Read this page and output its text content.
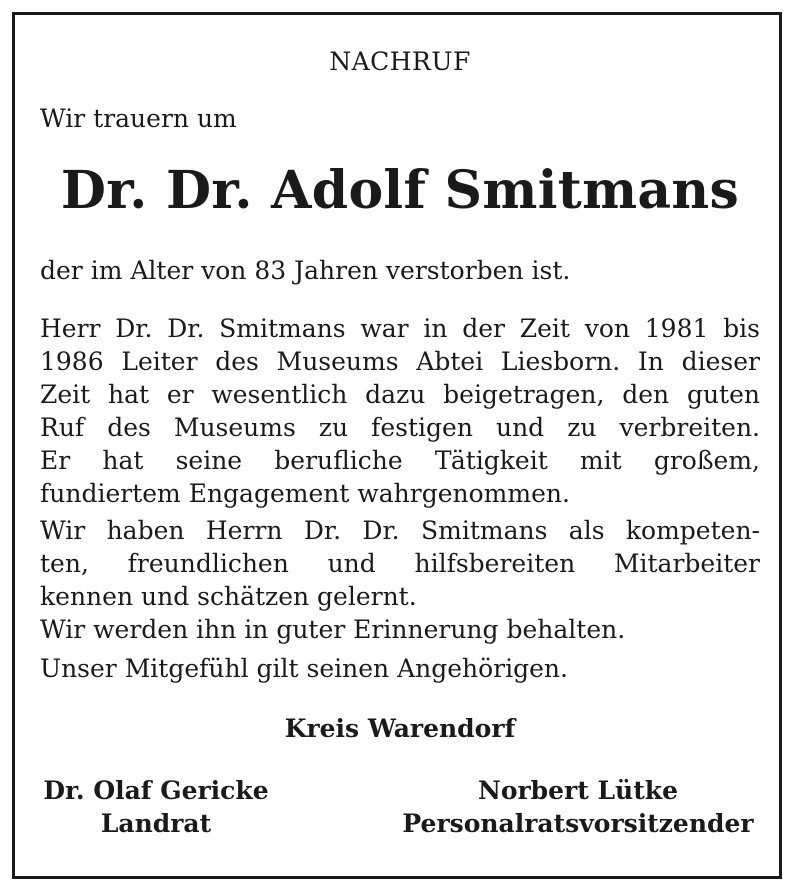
NACHRUF
Wir trauern um
Dr. Dr. Adolf Smitmans
der im Alter von 83 Jahren verstorben ist.
Herr Dr. Dr. Smitmans war in der Zeit von 1981 bis
1986 Leiter des Museums Abtei Liesborn. In dieser
Zeit hat er wesentlich dazu beigetragen, den guten
Ruf des Museums zu festigen und zu verbreiten.
Er hat seine berufliche Tätigkeit mit großem,
fundiertem Engagement wahrgenommen.
Wir haben Herrn Dr. Dr. Smitmans als kompeten-
ten, freundlichen und hilfsbereiten Mitarbeiter
kennen und schätzen gelernt.
Wir werden ihn in guter Erinnerung behalten.
Unser Mitgefühl gilt seinen Angehörigen.
Kreis Warendorf
Dr. Olaf Gericke
Landrat
Norbert Lütke
Personalratsvorsitzender
